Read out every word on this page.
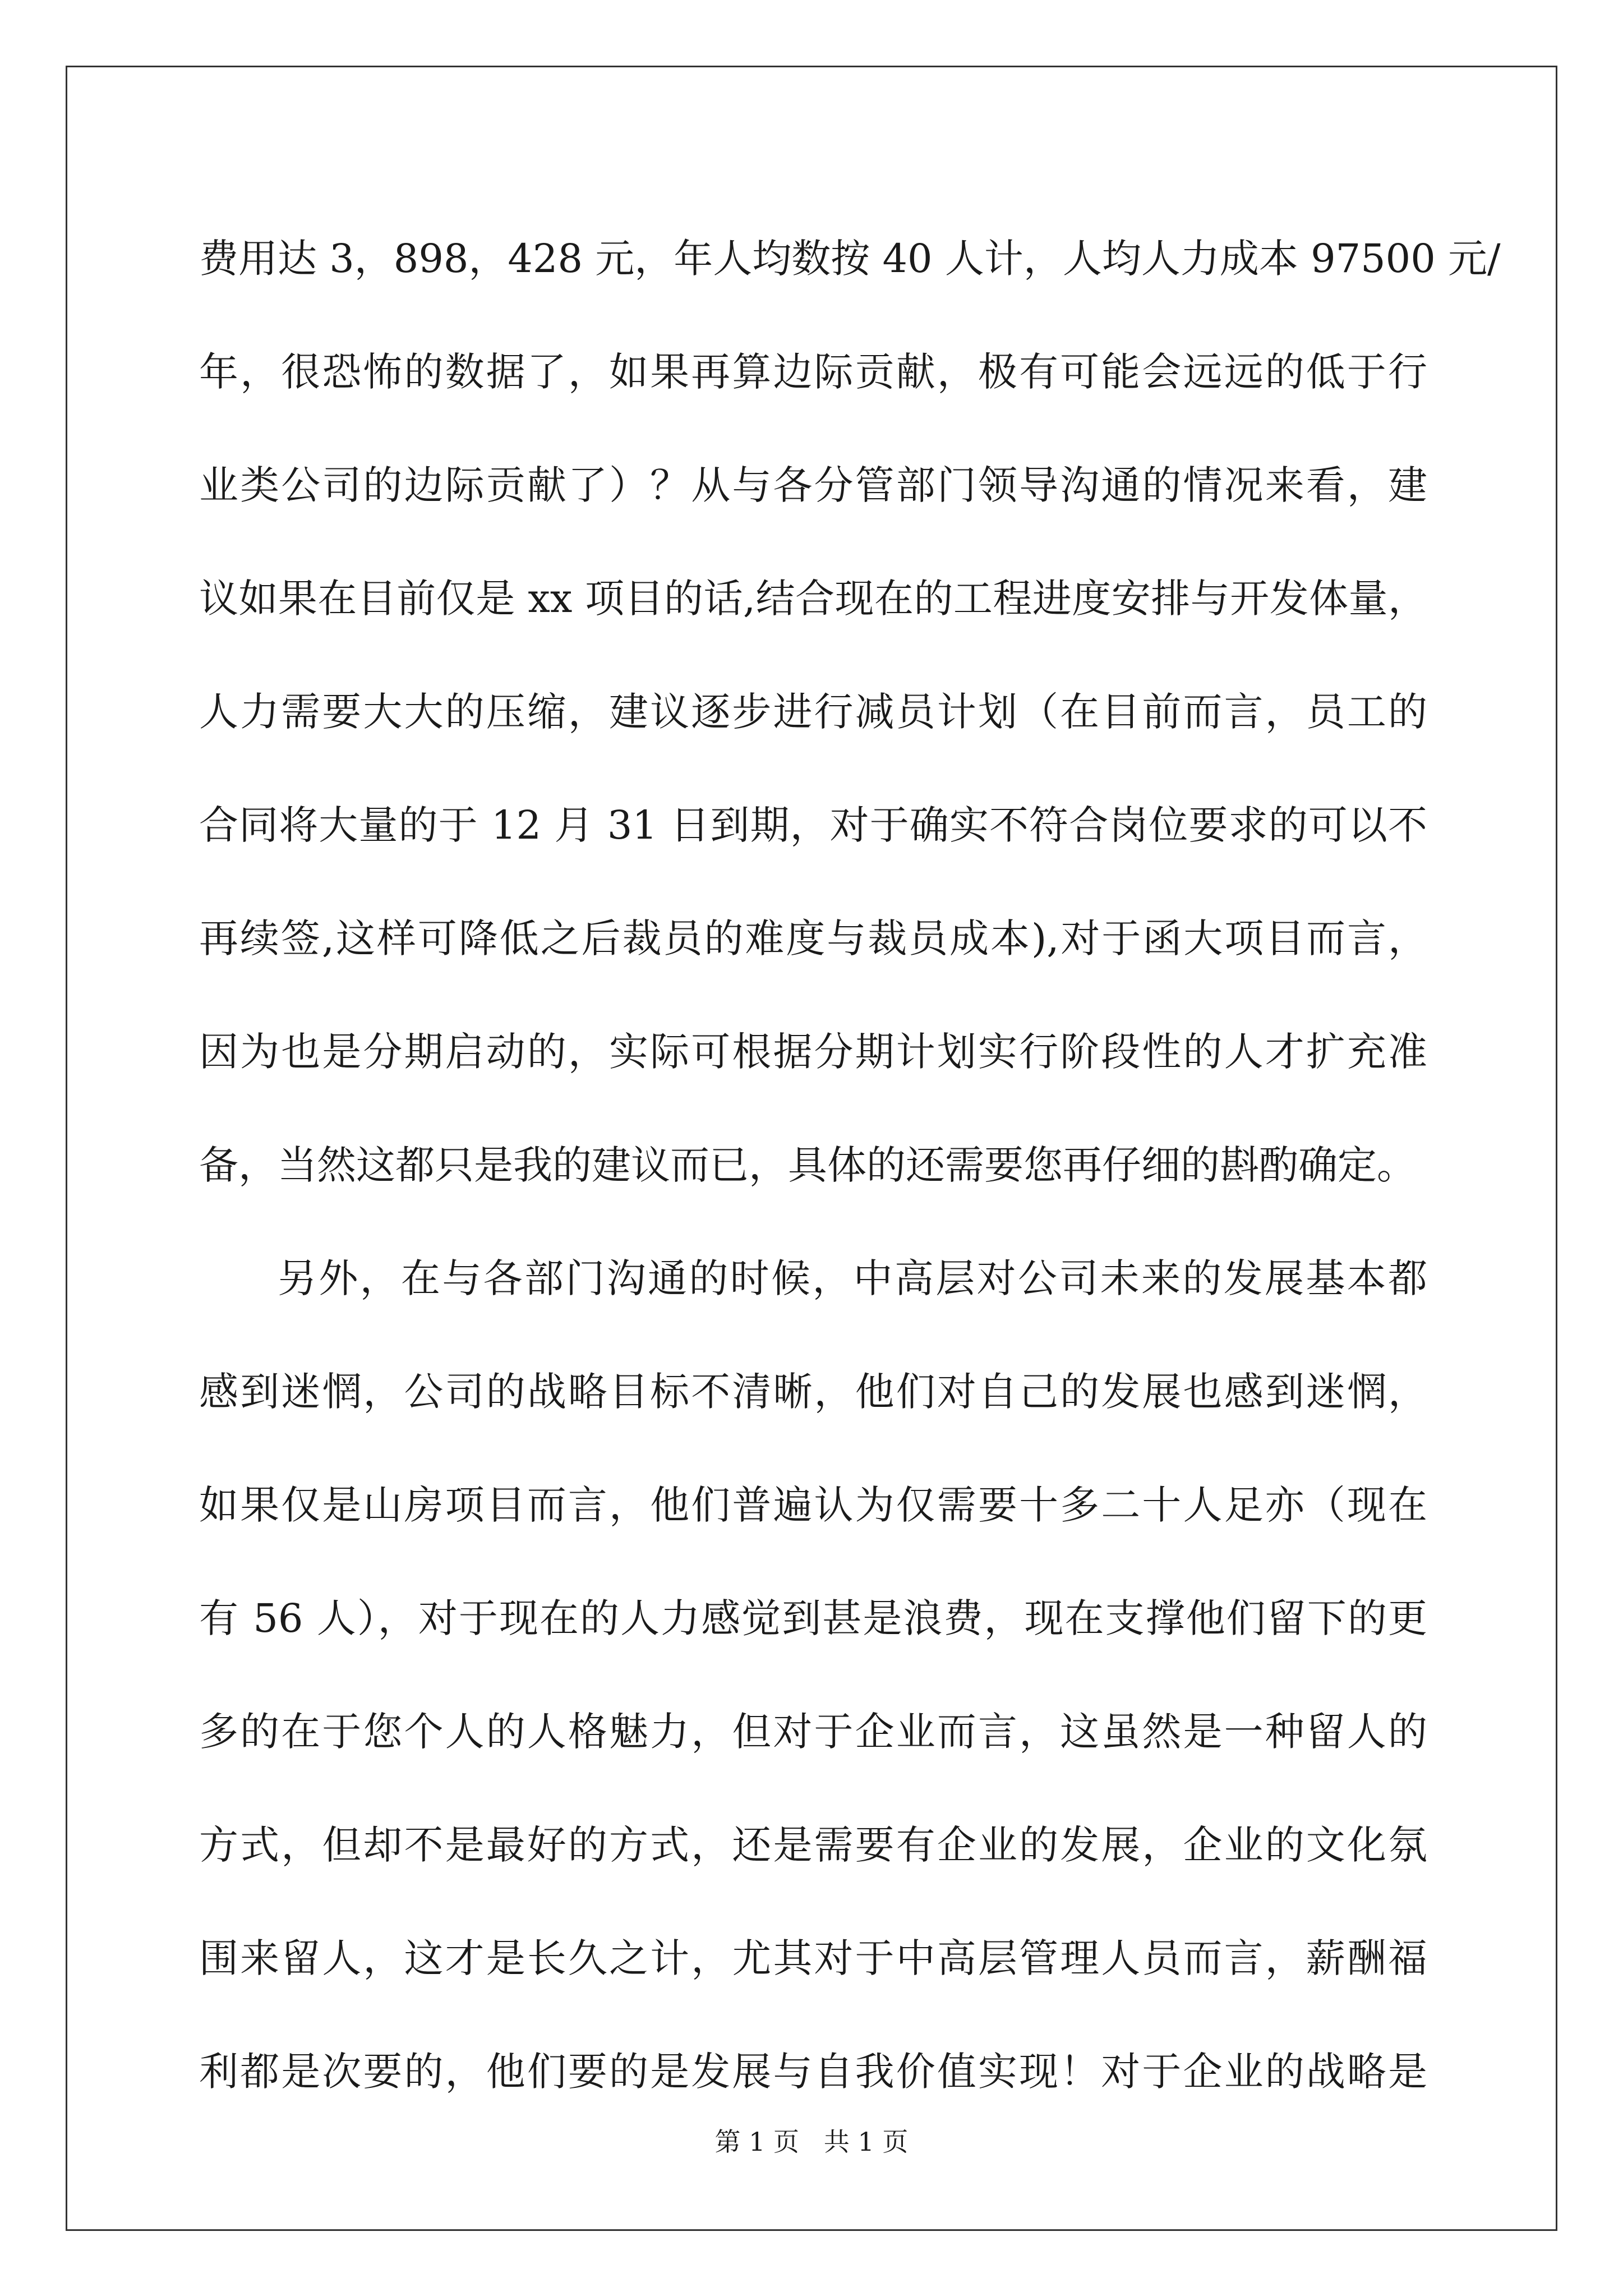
费用达 3，898，428 元，年人均数按 40 人计，人均人力成本 97500 元/
年，很恐怖的数据了，如果再算边际贡献，极有可能会远远的低于行
业类公司的边际贡献了）？从与各分管部门领导沟通的情况来看，建
议如果在目前仅是 xx 项目的话,结合现在的工程进度安排与开发体量，
人力需要大大的压缩，建议逐步进行减员计划（在目前而言，员工的
合同将大量的于 12 月 31 日到期，对于确实不符合岗位要求的可以不
再续签,这样可降低之后裁员的难度与裁员成本),对于函大项目而言，
因为也是分期启动的，实际可根据分期计划实行阶段性的人才扩充准
备，当然这都只是我的建议而已，具体的还需要您再仔细的斟酌确定。
另外，在与各部门沟通的时候，中高层对公司未来的发展基本都
感到迷惘，公司的战略目标不清晰，他们对自己的发展也感到迷惘，
如果仅是山房项目而言，他们普遍认为仅需要十多二十人足亦（现在
有 56 人），对于现在的人力感觉到甚是浪费，现在支撑他们留下的更
多的在于您个人的人格魅力，但对于企业而言，这虽然是一种留人的
方式，但却不是最好的方式，还是需要有企业的发展，企业的文化氛
围来留人，这才是长久之计，尤其对于中高层管理人员而言，薪酬福
利都是次要的，他们要的是发展与自我价值实现！对于企业的战略是
第 1 页   共 1 页
